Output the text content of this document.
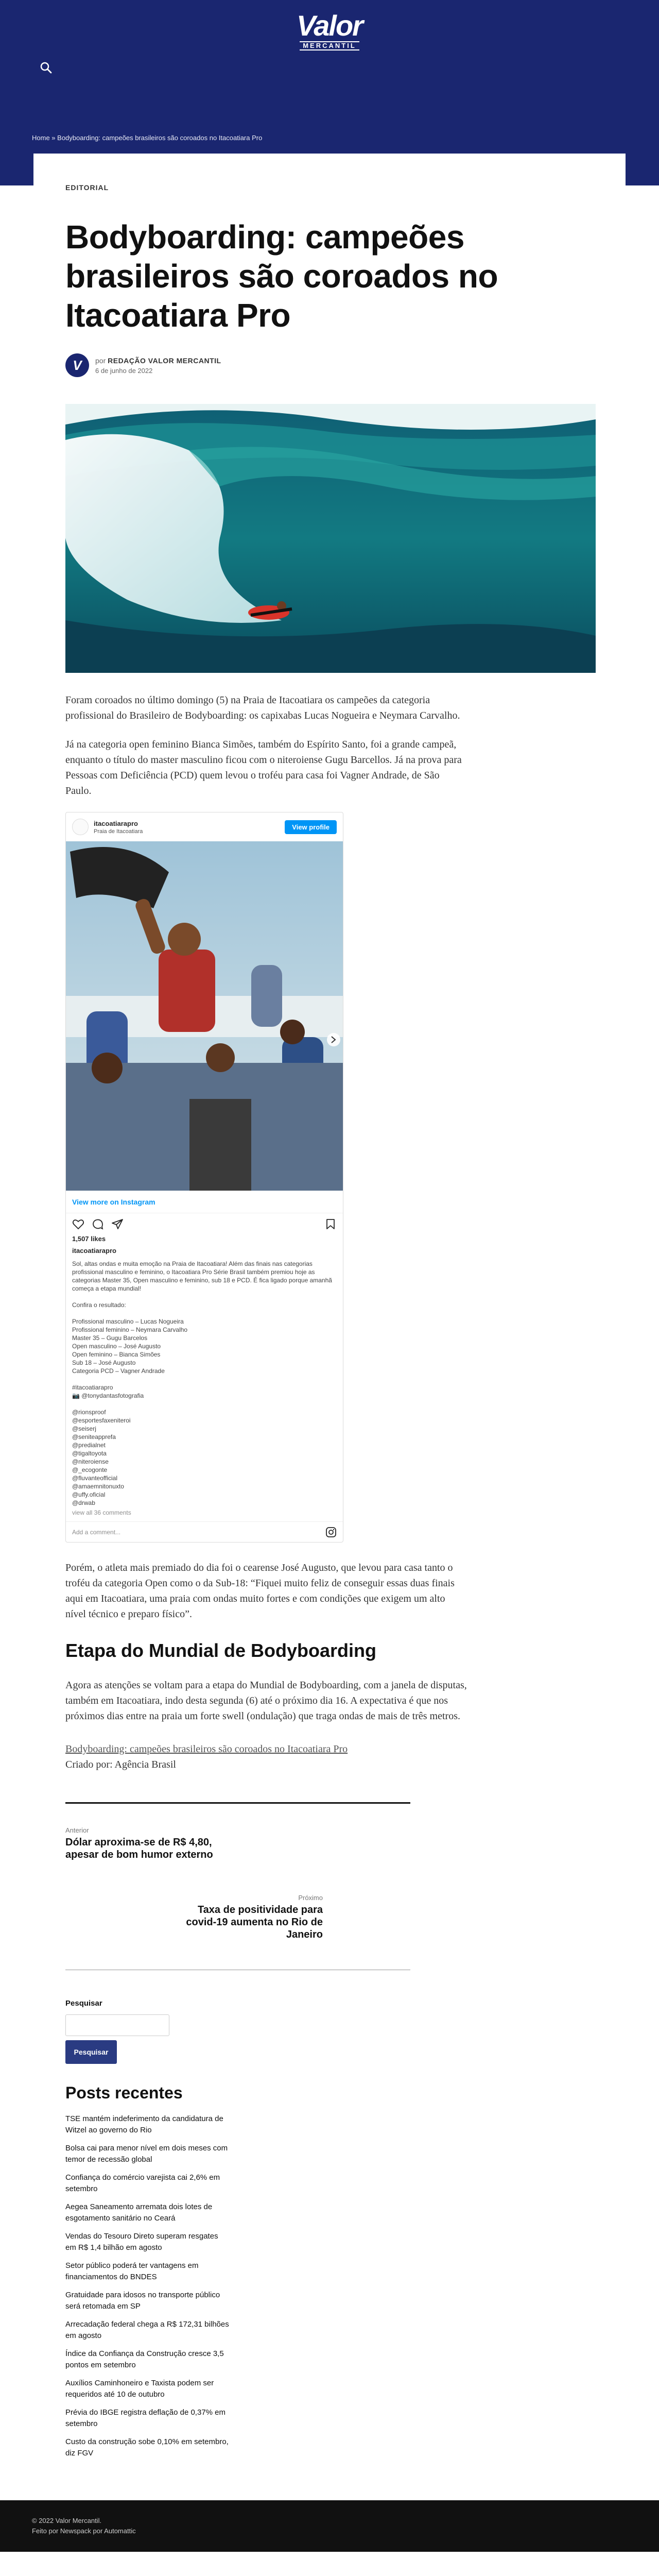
Valor
MERCANTIL
Home » Bodyboarding: campeões brasileiros são coroados no Itacoatiara Pro
EDITORIAL
Bodyboarding: campeões brasileiros são coroados no Itacoatiara Pro
V	por REDAÇÃO VALOR MERCANTIL
6 de junho de 2022

Foram coroados no último domingo (5) na Praia de Itacoatiara os campeões da categoria profissional do Brasileiro de Bodyboarding: os capixabas Lucas Nogueira e Neymara Carvalho.

Já na categoria open feminino Bianca Simões, também do Espírito Santo, foi a grande campeã, enquanto o título do master masculino ficou com o niteroiense Gugu Barcellos. Já na prova para Pessoas com Deficiência (PCD) quem levou o troféu para casa foi Vagner Andrade, de São Paulo.

itacoatiarapro
Praia de Itacoatiara
View profile
View more on Instagram
1,507 likes
itacoatiarapro
Sol, altas ondas e muita emoção na Praia de Itacoatiara! Além das finais nas categorias profissional masculino e feminino, o Itacoatiara Pro Série Brasil também premiou hoje as categorias Master 35, Open masculino e feminino, sub 18 e PCD. É fica ligado porque amanhã começa a etapa mundial!

Confira o resultado:

Profissional masculino – Lucas Nogueira
Profissional feminino – Neymara Carvalho
Master 35 – Gugu Barcelos
Open masculino – José Augusto
Open feminino – Bianca Simões
Sub 18 – José Augusto
Categoria PCD – Vagner Andrade

#itacoatiarapro
📷 @tonydantasfotografia

@rionsproof
@esportesfaxeniteroi
@seiserj
@seniteapprefa
@predialnet
@tigaltoyota
@niteroiense
@_ecogonte
@fluvanteofficial
@amaemnitonuxto
@uffy.oficial
@drwab
view all 36 comments
Add a comment...

Porém, o atleta mais premiado do dia foi o cearense José Augusto, que levou para casa tanto o troféu da categoria Open como o da Sub-18: “Fiquei muito feliz de conseguir essas duas finais aqui em Itacoatiara, uma praia com ondas muito fortes e com condições que exigem um alto nível técnico e preparo físico”.

Etapa do Mundial de Bodyboarding

Agora as atenções se voltam para a etapa do Mundial de Bodyboarding, com a janela de disputas, também em Itacoatiara, indo desta segunda (6) até o próximo dia 16. A expectativa é que nos próximos dias entre na praia um forte swell (ondulação) que traga ondas de mais de três metros.

Bodyboarding: campeões brasileiros são coroados no Itacoatiara Pro
Criado por: Agência Brasil
Anterior
Dólar aproxima-se de R$ 4,80, apesar de bom humor externo
Próximo
Taxa de positividade para covid-19 aumenta no Rio de Janeiro
Pesquisar
Pesquisar
Posts recentes
TSE mantém indeferimento da candidatura de Witzel ao governo do Rio
Bolsa cai para menor nível em dois meses com temor de recessão global
Confiança do comércio varejista cai 2,6% em setembro
Aegea Saneamento arremata dois lotes de esgotamento sanitário no Ceará
Vendas do Tesouro Direto superam resgates em R$ 1,4 bilhão em agosto
Setor público poderá ter vantagens em financiamentos do BNDES
Gratuidade para idosos no transporte público será retomada em SP
Arrecadação federal chega a R$ 172,31 bilhões em agosto
Índice da Confiança da Construção cresce 3,5 pontos em setembro
Auxílios Caminhoneiro e Taxista podem ser requeridos até 10 de outubro
Prévia do IBGE registra deflação de 0,37% em setembro
Custo da construção sobe 0,10% em setembro, diz FGV
© 2022 Valor Mercantil.
Feito por Newspack por Automattic
